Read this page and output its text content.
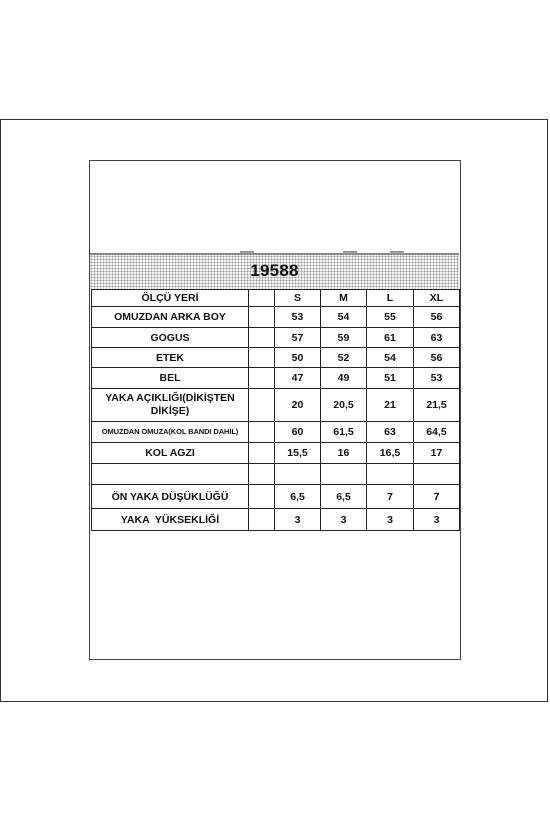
19588
ÖLÇÜ YERİ		S	M	L	XL
OMUZDAN ARKA BOY		53	54	55	56
GOGUS		57	59	61	63
ETEK		50	52	54	56
BEL		47	49	51	53
YAKA AÇIKLIĞI(DİKİŞTEN DİKİŞE)		20	20,5	21	21,5
OMUZDAN OMUZA(KOL BANDI DAHİL)		60	61,5	63	64,5
KOL AGZI		15,5	16	16,5	17

ÖN YAKA DÜŞÜKLÜĞÜ		6,5	6,5	7	7
YAKA  YÜKSEKLİĞİ		3	3	3	3
